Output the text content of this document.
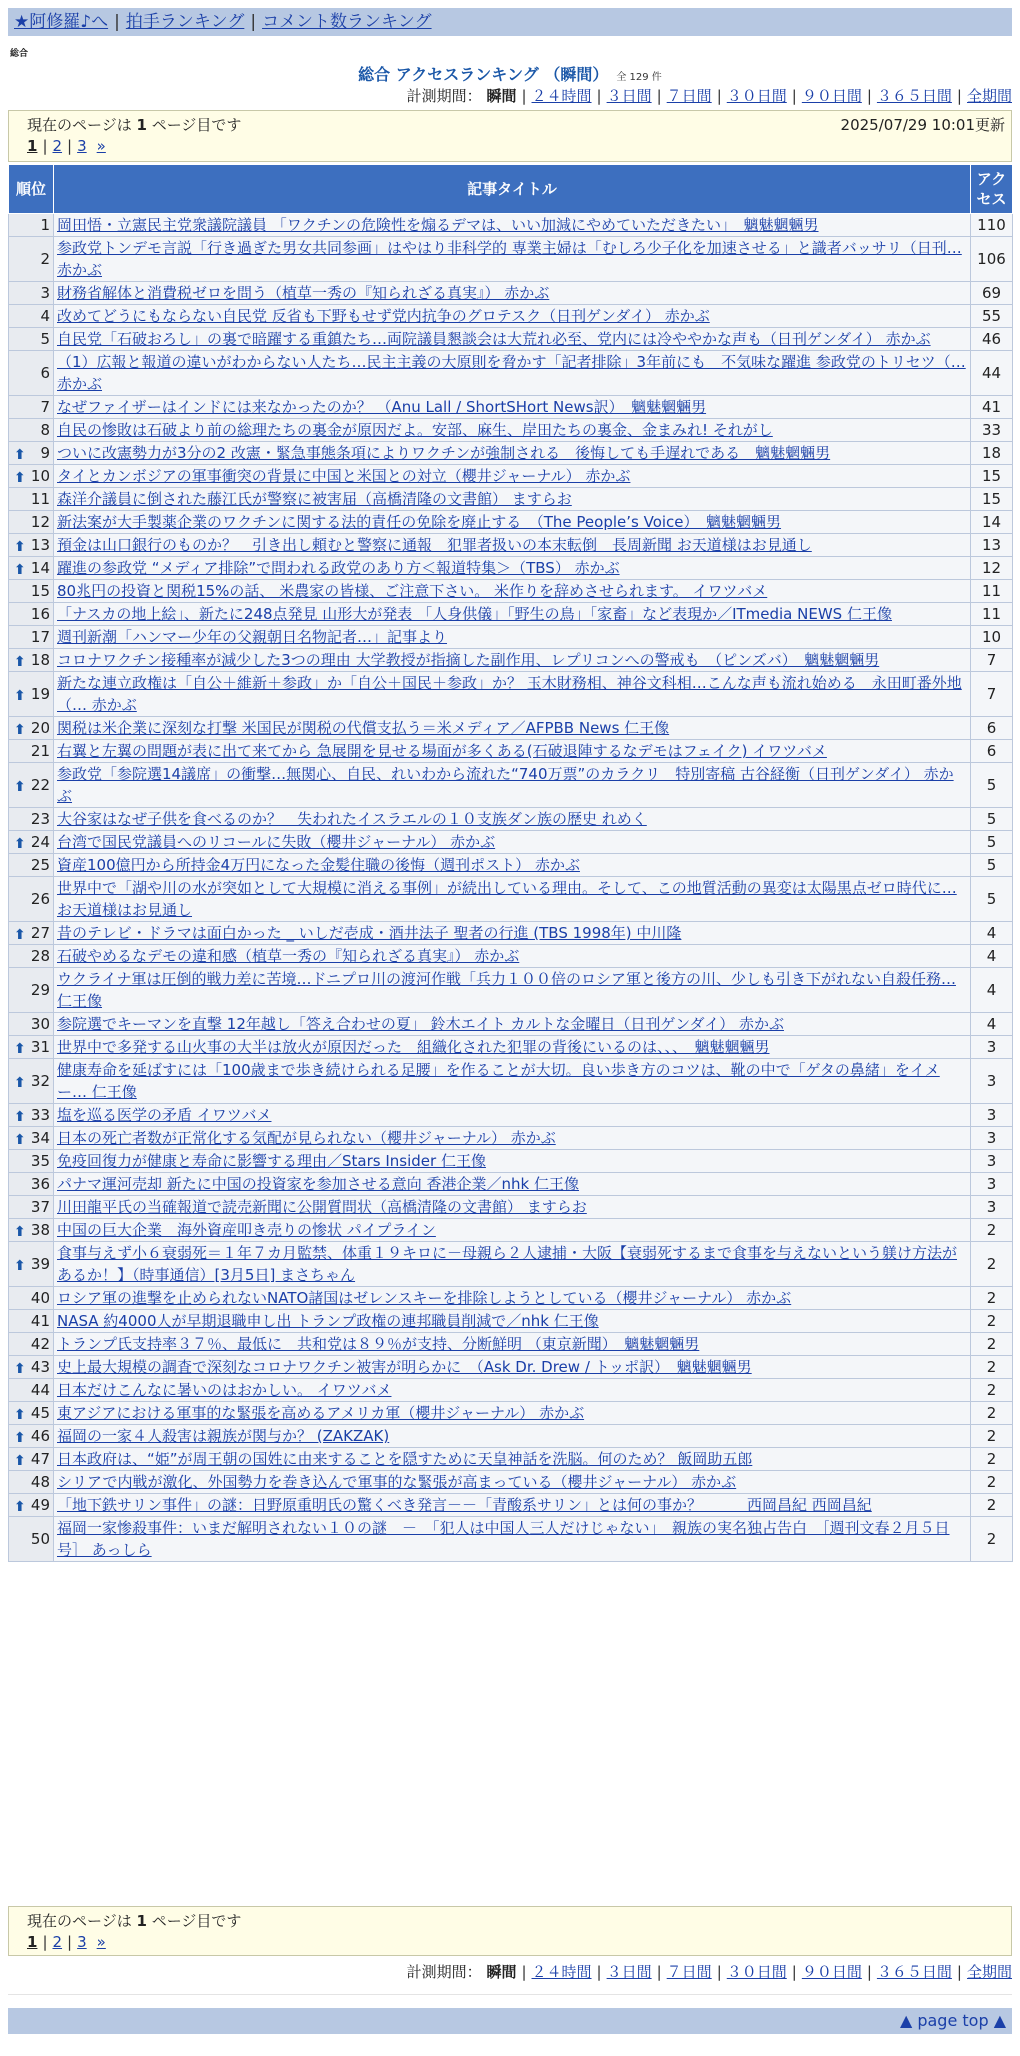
★阿修羅♪へ | 拍手ランキング | コメント数ランキング
総合
総合 アクセスランキング （瞬間） 全 129 件
計測期間： 瞬間 | ２４時間 | ３日間 | ７日間 | ３０日間 | ９０日間 | ３６５日間 | 全期間
現在のページは 1 ページ目です	2025/07/29 10:01更新
1 | 2 | 3 »
順位	記事タイトル	アクセス
1	岡田悟・立憲民主党衆議院議員 「ワクチンの危険性を煽るデマは、いい加減にやめていただきたい」　魑魅魍魎男	110
2	参政党トンデモ言説「行き過ぎた男女共同参画」はやはり非科学的 専業主婦は「むしろ少子化を加速させる」と識者バッサリ（日刊… 赤かぶ	106
3	財務省解体と消費税ゼロを問う（植草一秀の『知られざる真実』） 赤かぶ	69
4	改めてどうにもならない自民党 反省も下野もせず党内抗争のグロテスク（日刊ゲンダイ） 赤かぶ	55
5	自民党「石破おろし」の裏で暗躍する重鎮たち…両院議員懇談会は大荒れ必至、党内には冷ややかな声も（日刊ゲンダイ） 赤かぶ	46
6	（1）広報と報道の違いがわからない人たち…民主主義の大原則を脅かす「記者排除」3年前にも　不気味な躍進 参政党のトリセツ（… 赤かぶ	44
7	なぜファイザーはインドには来なかったのか？ （Anu Lall / ShortSHort News訳）　魑魅魍魎男	41
8	自民の惨敗は石破より前の総理たちの裏金が原因だよ。安部、麻生、岸田たちの裏金、金まみれ! それがし	33

⬆ 9	ついに改憲勢力が3分の2 改憲・緊急事態条項によりワクチンが強制される　後悔しても手遅れである　魑魅魍魎男	18

⬆ 10	タイとカンボジアの軍事衝突の背景に中国と米国との対立（櫻井ジャーナル） 赤かぶ	15
11	森洋介議員に倒された藤江氏が警察に被害届（高橋清隆の文書館） ますらお	15
12	新法案が大手製薬企業のワクチンに関する法的責任の免除を廃止する　（The People’s Voice）　魑魅魍魎男	14

⬆ 13	預金は山口銀行のものか？　引き出し頼むと警察に通報　犯罪者扱いの本末転倒　長周新聞 お天道様はお見通し	13

⬆ 14	躍進の参政党 “メディア排除”で問われる政党のあり方＜報道特集＞（TBS） 赤かぶ	12
15	80兆円の投資と関税15%の話、 米農家の皆様、ご注意下さい。 米作りを辞めさせられます。 イワツバメ	11
16	「ナスカの地上絵」、新たに248点発見 山形大が発表 「人身供儀」「野生の鳥」「家畜」など表現か／ITmedia NEWS 仁王像	11
17	週刊新潮「ハンマー少年の父親朝日名物記者…」記事より	10

⬆ 18	コロナワクチン接種率が減少した3つの理由 大学教授が指摘した副作用、レプリコンへの警戒も　（ピンズバ）　魑魅魍魎男	7

⬆ 19	新たな連立政権は「自公＋維新＋参政」か「自公＋国民＋参政」か？ 玉木財務相、神谷文科相…こんな声も流れ始める　永田町番外地（… 赤かぶ	7

⬆ 20	関税は米企業に深刻な打撃 米国民が関税の代償支払う＝米メディア／AFPBB News 仁王像	6
21	右翼と左翼の問題が表に出て来てから 急展開を見せる場面が多くある(石破退陣するなデモはフェイク) イワツバメ	6

⬆ 22	参政党「参院選14議席」の衝撃…無関心、自民、れいわから流れた“740万票”のカラクリ　特別寄稿 古谷経衡（日刊ゲンダイ） 赤かぶ	5
23	大谷家はなぜ子供を食べるのか？　失われたイスラエルの１０支族ダン族の歴史 れめく	5

⬆ 24	台湾で国民党議員へのリコールに失敗（櫻井ジャーナル） 赤かぶ	5
25	資産100億円から所持金4万円になった金髪住職の後悔（週刊ポスト） 赤かぶ	5
26	世界中で「湖や川の水が突如として大規模に消える事例」が続出している理由。そして、この地質活動の異変は太陽黒点ゼロ時代に… お天道様はお見通し	5

⬆ 27	昔のテレビ・ドラマは面白かった _ いしだ壱成・酒井法子 聖者の行進 (TBS 1998年) 中川隆	4
28	石破やめるなデモの違和感（植草一秀の『知られざる真実』） 赤かぶ	4
29	ウクライナ軍は圧倒的戦力差に苦境…ドニプロ川の渡河作戦「兵力１００倍のロシア軍と後方の川、少しも引き下がれない自殺任務… 仁王像	4
30	参院選でキーマンを直撃 12年越し「答え合わせの夏」 鈴木エイト カルトな金曜日（日刊ゲンダイ） 赤かぶ	4

⬆ 31	世界中で多発する山火事の大半は放火が原因だった　組織化された犯罪の背後にいるのは、、、　魑魅魍魎男	3

⬆ 32	健康寿命を延ばすには「100歳まで歩き続けられる足腰」を作ることが大切。良い歩き方のコツは、靴の中で「ゲタの鼻緒」をイメー… 仁王像	3

⬆ 33	塩を巡る医学の矛盾 イワツバメ	3

⬆ 34	日本の死亡者数が正常化する気配が見られない（櫻井ジャーナル） 赤かぶ	3
35	免疫回復力が健康と寿命に影響する理由／Stars Insider 仁王像	3
36	パナマ運河売却 新たに中国の投資家を参加させる意向 香港企業／nhk 仁王像	3
37	川田龍平氏の当確報道で読売新聞に公開質問状（高橋清隆の文書館） ますらお	3

⬆ 38	中国の巨大企業　海外資産叩き売りの惨状 パイプライン	2

⬆ 39	食事与えず小６衰弱死＝１年７カ月監禁、体重１９キロに－母親ら２人逮捕・大阪【衰弱死するまで食事を与えないという躾け方法があるか！】（時事通信）[3月5日] まさちゃん	2
40	ロシア軍の進撃を止められないNATO諸国はゼレンスキーを排除しようとしている（櫻井ジャーナル） 赤かぶ	2
41	NASA 約4000人が早期退職申し出 トランプ政権の連邦職員削減で／nhk 仁王像	2
42	トランプ氏支持率３７％、最低に　共和党は８９％が支持、分断鮮明 （東京新聞）　魑魅魍魎男	2

⬆ 43	史上最大規模の調査で深刻なコロナワクチン被害が明らかに　（Ask Dr. Drew / トッポ訳）　魑魅魍魎男	2
44	日本だけこんなに暑いのはおかしい。 イワツバメ	2

⬆ 45	東アジアにおける軍事的な緊張を高めるアメリカ軍（櫻井ジャーナル） 赤かぶ	2

⬆ 46	福岡の一家４人殺害は親族が関与か？ (ZAKZAK)	2

⬆ 47	日本政府は、“姫”が周王朝の国姓に由来することを隠すために天皇神話を洗脳。何のため？ 飯岡助五郎	2
48	シリアで内戦が激化、外国勢力を巻き込んで軍事的な緊張が高まっている（櫻井ジャーナル） 赤かぶ	2

⬆ 49	「地下鉄サリン事件」の謎：日野原重明氏の驚くべき発言－－「青酸系サリン」とは何の事か？　　　西岡昌紀 西岡昌紀	2
50	福岡一家惨殺事件：いまだ解明されない１０の謎　－　「犯人は中国人三人だけじゃない」　親族の実名独占告白　［週刊文春２月５日号］ あっしら	2
現在のページは 1 ページ目です
1 | 2 | 3 »
計測期間： 瞬間 | ２４時間 | ３日間 | ７日間 | ３０日間 | ９０日間 | ３６５日間 | 全期間
▲ page top ▲
